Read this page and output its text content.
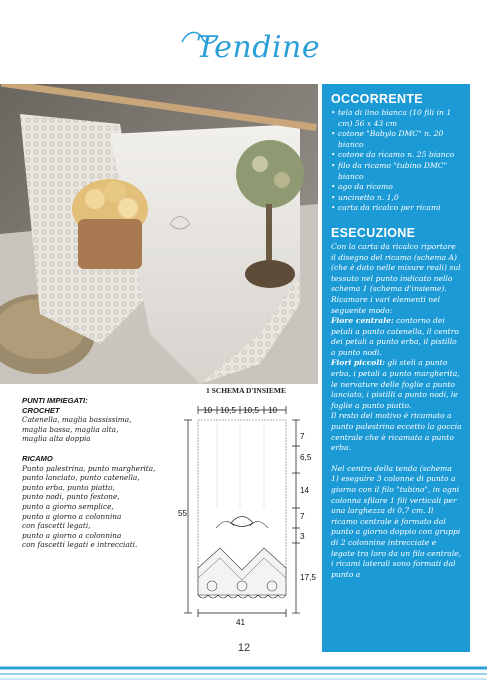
Tendine
OCCORRENTE
• tela di lino bianca (10 fili in 1 cm) 56 x 43 cm
• cotone "Babylo DMC" n. 20 bianco
• cotone da ricamo n. 25 bianco
• filo da ricamo "tubino DMC" bianco
• ago da ricamo
• uncinetto n. 1,0
• carta da ricalco per ricami
ESECUZIONE

Con la carta da ricalco riportare il disegno del ricamo (schema A) (che è dato nelle misure reali) sul tessuto nel punto indicato nello schema 1 (schema d'insieme). Ricamare i vari elementi nel seguente modo:

Fiore centrale: contorno dei petali a punto catenella, il centro dei petali a punto erba, il pistillo a punto nodi.

Fiori piccoli: gli steli a punto erba, i petali a punto margherita, le nervature delle foglie a punto lanciato, i pistilli a punto nodi, le foglie a punto piatto.

Il resto del motivo è ricamato a punto palestrina eccetto la goccia centrale che è ricamata a punto erba.

Nel centro della tenda (schema 1) eseguire 3 colonne di punto a giorno con il filo "tubino", in ogni colonna sfilare 1 fili verticali per una larghezza di 0,7 cm. Il ricamo centrale è formato dal punto a giorno doppio con gruppi di 2 colonnine intrecciate e legate tra loro da un filo centrale, i ricami laterali sono formati dal punto a

PUNTI IMPIEGATI:
CROCHET
Catenella, maglia bassissima,
maglia bassa, maglia alta,
maglia alta doppia
RICAMO
Punto palestrina, punto margherita,
punto lanciato, punto catenella,
punto erba, punto piatto,
punto nodi, punto festone,
punto a giorno semplice,
punto a giorno a colonnina
con fascetti legati,
punto a giorno a colonnina
con fascetti legati e intrecciati.
1 SCHEMA D'INSIEME
10 10,5 10,5 10
55
7
6,5
14
7
3
17,5
41
12
